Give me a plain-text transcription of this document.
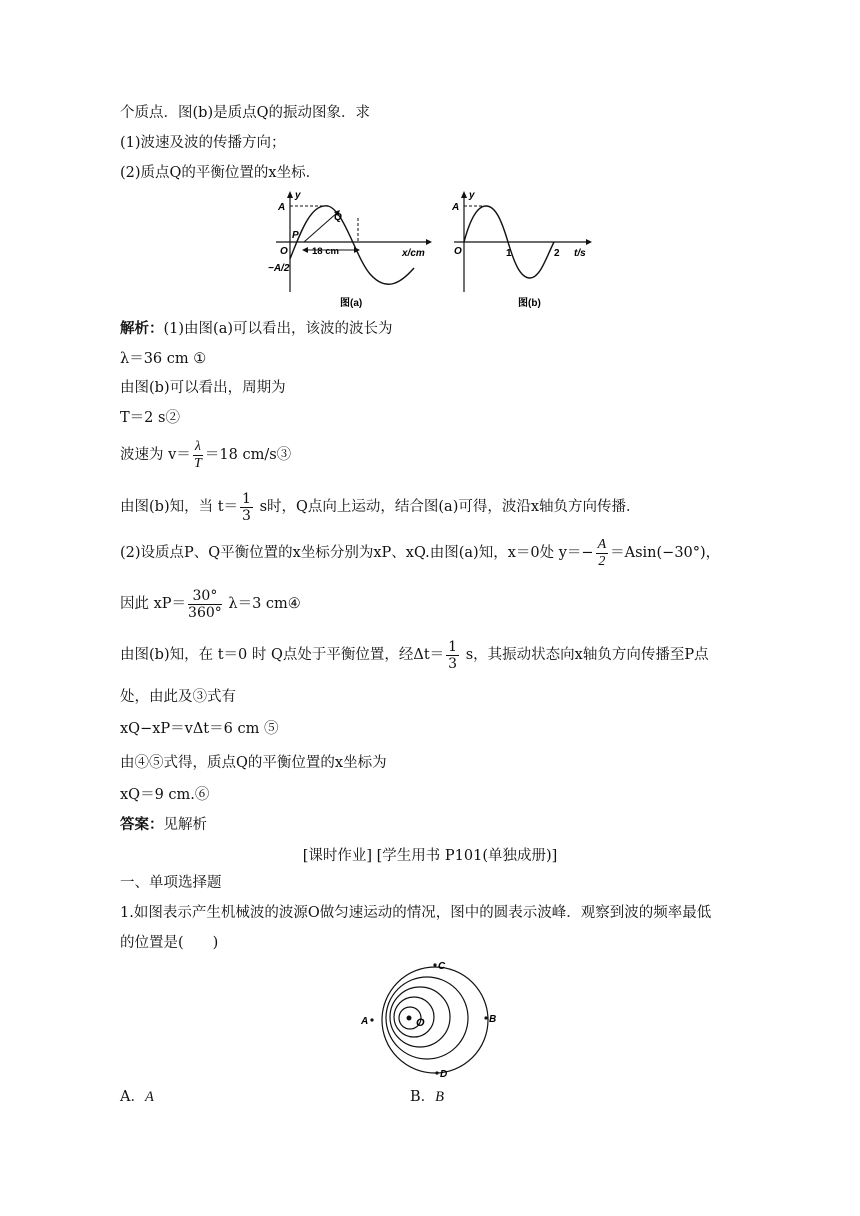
个质点．图(b)是质点Q的振动图象．求
(1)波速及波的传播方向；
(2)质点Q的平衡位置的x坐标．
y
A
O
−A/2
P
Q
18 cm	x/cm
图(a)
y
A
O	1	2 t/s
图(b)
解析：(1)由图(a)可以看出，该波的波长为
λ＝36 cm ①
由图(b)可以看出，周期为
T＝2 s②
波速为 $v= \frac{\lambda}{T} =18$ cm/s③
由图(b)知，当 $t= \frac{1}{3}$ s时，Q点向上运动，结合图(a)可得，波沿x轴负方向传播．
(2)设质点P、Q平衡位置的x坐标分别为xP、xQ.由图(a)知，x＝0处 $y=- \frac{A}{2} =Asin(-30^\circ)$，
因此 $xP= \frac{30^\circ}{360^\circ} \lambda=3$ cm④
由图(b)知，在 t＝0 时 Q点处于平衡位置，经$\Delta t= \frac{1}{3}$ s，其振动状态向x轴负方向传播至P点
处，由此及③式有
xQ−xP＝vΔt＝6 cm ⑤
由④⑤式得，质点Q的平衡位置的x坐标为
xQ＝9 cm.⑥
答案：见解析
[课时作业] [学生用书 P101(单独成册)]
一、单项选择题
1.如图表示产生机械波的波源O做匀速运动的情况，图中的圆表示波峰．观察到波的频率最低
的位置是(　　)
C
A	B
D
O
A．A	B．B
